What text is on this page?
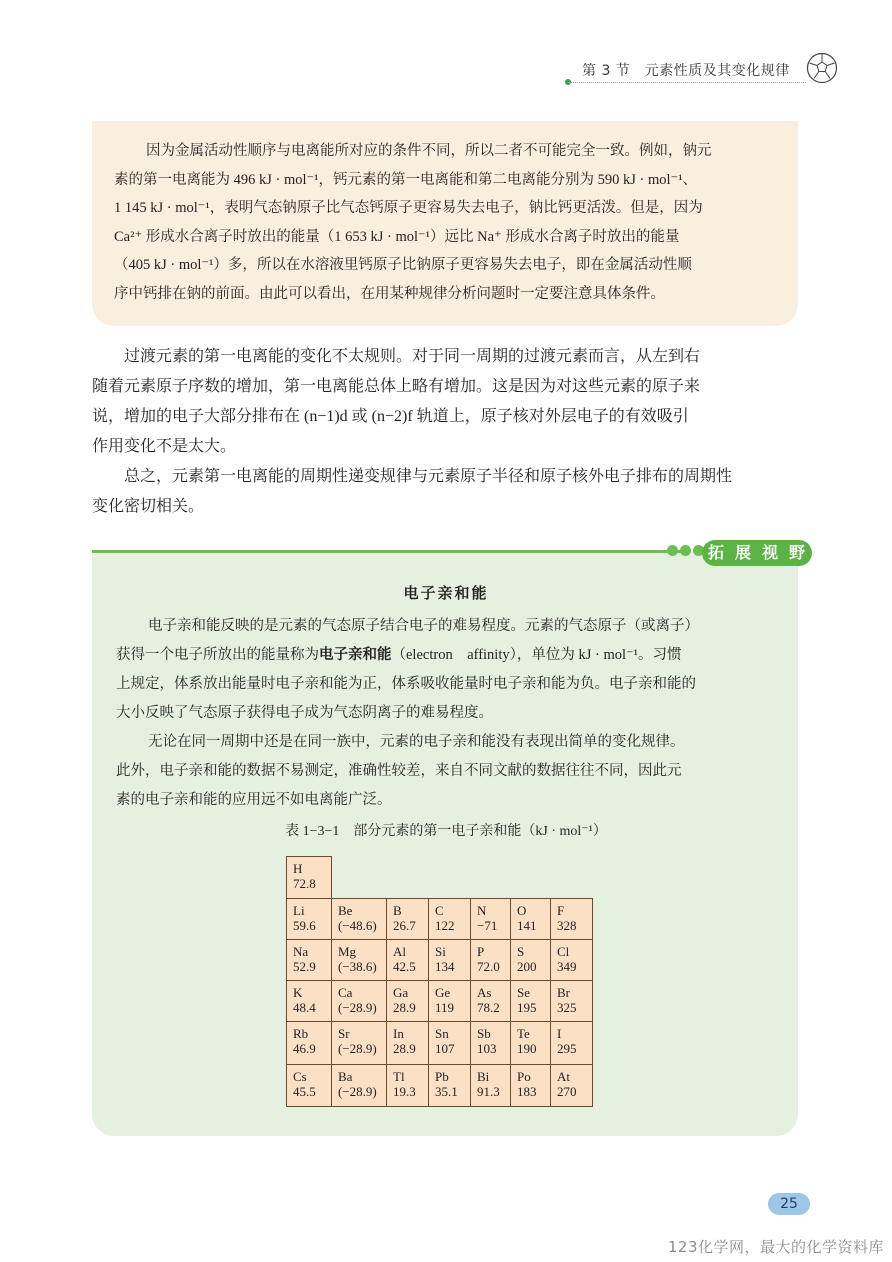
第 3 节　元素性质及其变化规律

因为金属活动性顺序与电离能所对应的条件不同，所以二者不可能完全一致。例如，钠元

素的第一电离能为 496 kJ · mol⁻¹，钙元素的第一电离能和第二电离能分别为 590 kJ · mol⁻¹、

1 145 kJ · mol⁻¹，表明气态钠原子比气态钙原子更容易失去电子，钠比钙更活泼。但是，因为

Ca²⁺ 形成水合离子时放出的能量（1 653 kJ · mol⁻¹）远比 Na⁺ 形成水合离子时放出的能量

（405 kJ · mol⁻¹）多，所以在水溶液里钙原子比钠原子更容易失去电子，即在金属活动性顺

序中钙排在钠的前面。由此可以看出，在用某种规律分析问题时一定要注意具体条件。

过渡元素的第一电离能的变化不太规则。对于同一周期的过渡元素而言，从左到右

随着元素原子序数的增加，第一电离能总体上略有增加。这是因为对这些元素的原子来

说，增加的电子大部分排布在 (n−1)d 或 (n−2)f 轨道上，原子核对外层电子的有效吸引

作用变化不是太大。

总之，元素第一电离能的周期性递变规律与元素原子半径和原子核外电子排布的周期性

变化密切相关。

拓 展 视 野
电子亲和能

电子亲和能反映的是元素的气态原子结合电子的难易程度。元素的气态原子（或离子）

获得一个电子所放出的能量称为电子亲和能（electron　affinity），单位为 kJ · mol⁻¹。习惯

上规定，体系放出能量时电子亲和能为正，体系吸收能量时电子亲和能为负。电子亲和能的

大小反映了气态原子获得电子成为气态阴离子的难易程度。

无论在同一周期中还是在同一族中，元素的电子亲和能没有表现出简单的变化规律。

此外，电子亲和能的数据不易测定，准确性较差，来自不同文献的数据往往不同，因此元

素的电子亲和能的应用远不如电离能广泛。

表 1−3−1　部分元素的第一电子亲和能（kJ · mol⁻¹）
H
72.8
Li
59.6
Be
(−48.6)
B
26.7
C
122
N
−71
O
141
F
328
Na
52.9
Mg
(−38.6)
Al
42.5
Si
134
P
72.0
S
200
Cl
349
K
48.4
Ca
(−28.9)
Ga
28.9
Ge
119
As
78.2
Se
195
Br
325
Rb
46.9
Sr
(−28.9)
In
28.9
Sn
107
Sb
103
Te
190
I
295
Cs
45.5
Ba
(−28.9)
Tl
19.3
Pb
35.1
Bi
91.3
Po
183
At
270
25
123化学网，最大的化学资料库
